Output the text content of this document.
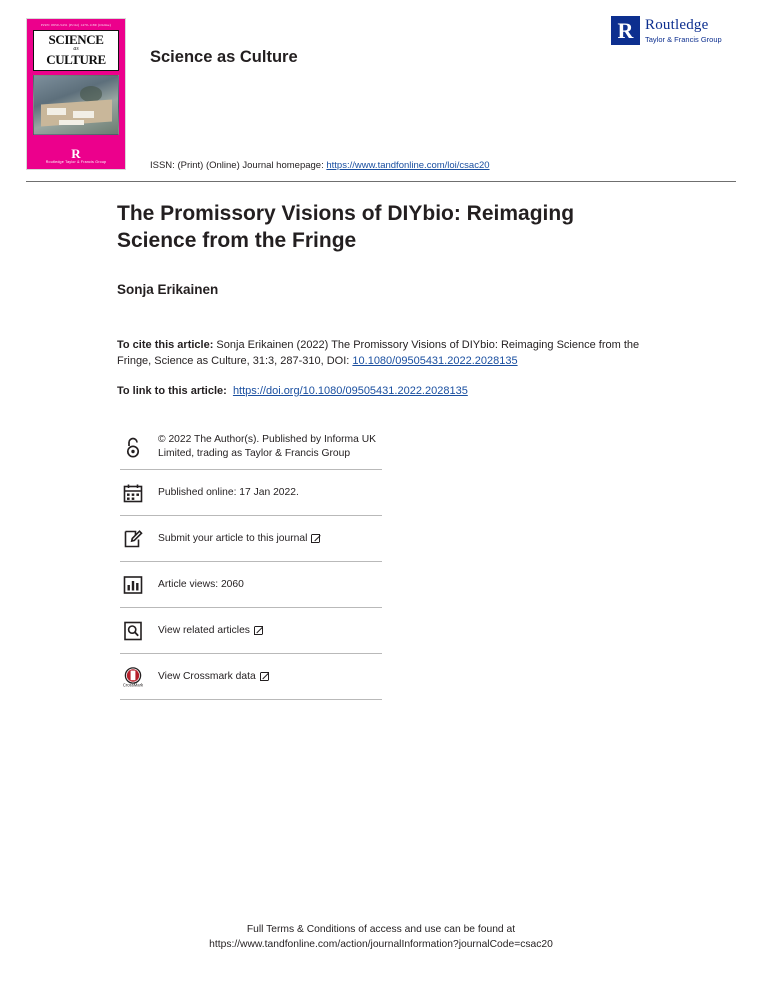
ISSN: 0950-5431 (Print) 1470-1189 (Online)
SCIENCE
as
CULTURE
R
Routledge Taylor & Francis Group
Science as Culture
R Routledge
Taylor & Francis Group
ISSN: (Print) (Online) Journal homepage: https://www.tandfonline.com/loi/csac20
The Promissory Visions of DIYbio: Reimaging Science from the Fringe
Sonja Erikainen
To cite this article: Sonja Erikainen (2022) The Promissory Visions of DIYbio: Reimaging Science from the Fringe, Science as Culture, 31:3, 287-310, DOI: 10.1080/09505431.2022.2028135
To link to this article: https://doi.org/10.1080/09505431.2022.2028135
© 2022 The Author(s). Published by Informa UK Limited, trading as Taylor & Francis Group
Published online: 17 Jan 2022.
Submit your article to this journal
Article views: 2060
View related articles
CrossMark
View Crossmark data
Full Terms & Conditions of access and use can be found at
https://www.tandfonline.com/action/journalInformation?journalCode=csac20
